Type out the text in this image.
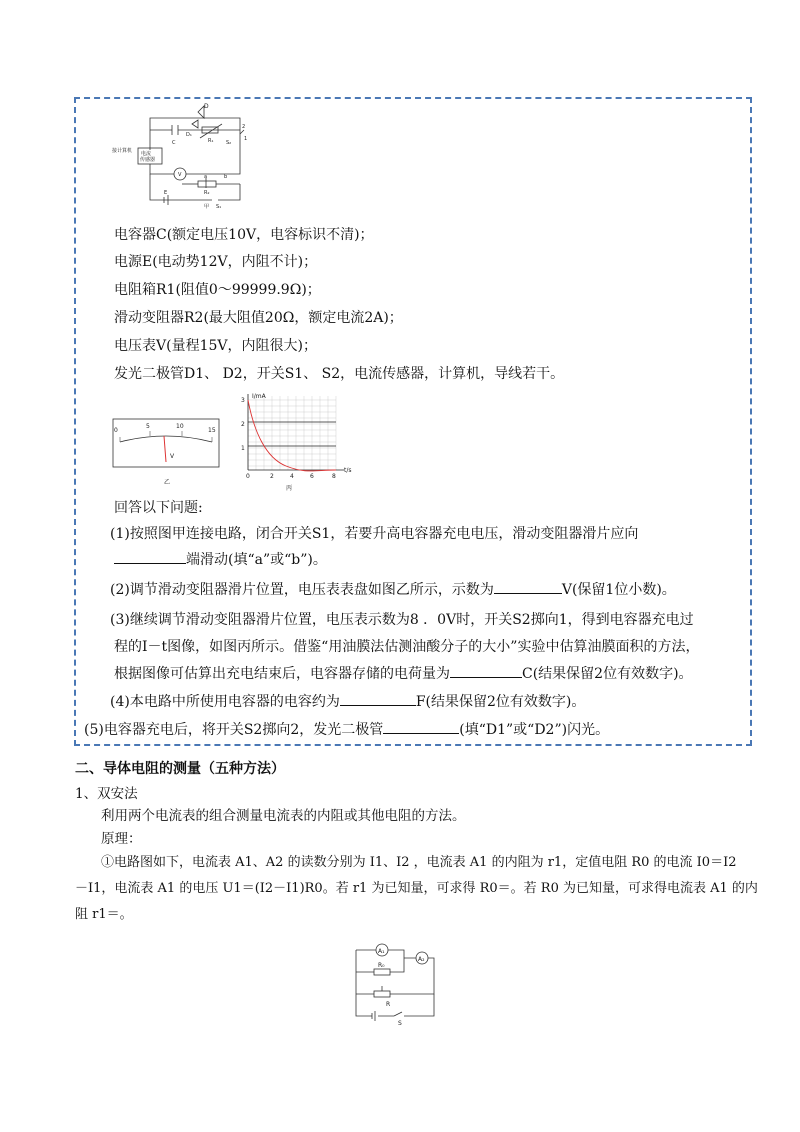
接计算机 电流
传感器
D
D₁
C	R₁	S₂
2
1
V	a	b
R₂
E
S₁
甲
电容器C(额定电压10V，电容标识不清)；
电源E(电动势12V，内阻不计)；
电阻箱R1(阻值0～99999.9Ω)；
滑动变阻器R2(最大阻值20Ω，额定电流2A)；
电压表V(量程15V，内阻很大)；
发光二极管D1、 D2，开关S1、 S2，电流传感器，计算机，导线若干。
0
5	10
15
V
乙
I/mA
t/s
3
2
1
0	2	4	6	8
丙
回答以下问题:
(1)按照图甲连接电路，闭合开关S1，若要升高电容器充电电压，滑动变阻器滑片应向
端滑动(填“a”或“b”)。
(2)调节滑动变阻器滑片位置，电压表表盘如图乙所示，示数为	V(保留1位小数)。
(3)继续调节滑动变阻器滑片位置，电压表示数为8 ．0V时，开关S2掷向1，得到电容器充电过
程的I－t图像，如图丙所示。借鉴“用油膜法估测油酸分子的大小”实验中估算油膜面积的方法，
根据图像可估算出充电结束后，电容器存储的电荷量为	C(结果保留2位有效数字)。
(4)本电路中所使用电容器的电容约为	F(结果保留2位有效数字)。
(5)电容器充电后，将开关S2掷向2，发光二极管	(填“D1”或“D2”)闪光。
二、导体电阻的测量（五种方法）
1、双安法
利用两个电流表的组合测量电流表的内阻或其他电阻的方法。
原理：
①电路图如下，电流表 A1、A2 的读数分别为 I1、I2 ，电流表 A1 的内阻为 r1，定值电阻 R0 的电流 I0＝I2
－I1，电流表 A1 的电压 U1＝(I2－I1)R0。若 r1 为已知量，可求得 R0＝。若 R0 为已知量，可求得电流表 A1 的内
阻 r1＝。
A₁
A₂
R₀
R
S
